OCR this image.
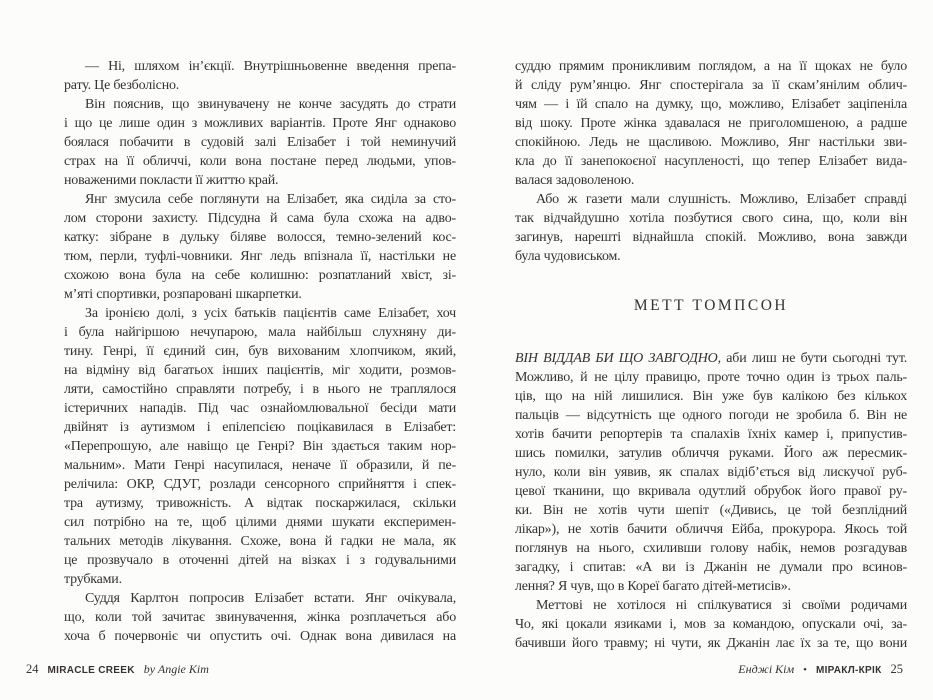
— Ні, шляхом ін’єкції. Внутрішньовенне введення препа-
рату. Це безболісно.
Він пояснив, що звинувачену не конче засудять до страти
і що це лише один з можливих варіантів. Проте Янг однаково
боялася побачити в судовій залі Елізабет і той неминучий
страх на її обличчі, коли вона постане перед людьми, упов-
новаженими покласти її життю край.
Янг змусила себе поглянути на Елізабет, яка сиділа за сто-
лом сторони захисту. Підсудна й сама була схожа на адво-
катку: зібране в дульку біляве волосся, темно-зелений кос-
тюм, перли, туфлі-човники. Янг ледь впізнала її, настільки не
схожою вона була на себе колишню: розпатланий хвіст, зі-
м’яті спортивки, розпаровані шкарпетки.
За іронією долі, з усіх батьків пацієнтів саме Елізабет, хоч
і була найгіршою нечупарою, мала найбільш слухняну ди-
тину. Генрі, її єдиний син, був вихованим хлопчиком, який,
на відміну від багатьох інших пацієнтів, міг ходити, розмов-
ляти, самостійно справляти потребу, і в нього не траплялося
істеричних нападів. Під час ознайомлювальної бесіди мати
двійнят із аутизмом і епілепсією поцікавилася в Елізабет:
«Перепрошую, але навіщо це Генрі? Він здається таким нор-
мальним». Мати Генрі насупилася, неначе її образили, й пе-
релічила: ОКР, СДУГ, розлади сенсорного сприйняття і спек-
тра аутизму, тривожність. А відтак поскаржилася, скільки
сил потрібно на те, щоб цілими днями шукати експеримен-
тальних методів лікування. Схоже, вона й гадки не мала, як
це прозвучало в оточенні дітей на візках і з годувальними
трубками.
Суддя Карлтон попросив Елізабет встати. Янг очікувала,
що, коли той зачитає звинувачення, жінка розплачеться або
хоча б почервоніє чи опустить очі. Однак вона дивилася на
суддю прямим проникливим поглядом, а на її щоках не було
й сліду рум’янцю. Янг спостерігала за її скам’янілим облич-
чям — і їй спало на думку, що, можливо, Елізабет заціпеніла
від шоку. Проте жінка здавалася не приголомшеною, а радше
спокійною. Ледь не щасливою. Можливо, Янг настільки зви-
кла до її занепокоєної насупленості, що тепер Елізабет вида-
валася задоволеною.
Або ж газети мали слушність. Можливо, Елізабет справді
так відчайдушно хотіла позбутися свого сина, що, коли він
загинув, нарешті віднайшла спокій. Можливо, вона завжди
була чудовиськом.
МЕТТ ТОМПСОН
ВІН ВІДДАВ БИ ЩО ЗАВГОДНО, аби лиш не бути сьогодні тут.
Можливо, й не цілу правицю, проте точно один із трьох паль-
ців, що на ній лишилися. Він уже був калікою без кількох
пальців — відсутність ще одного погоди не зробила б. Він не
хотів бачити репортерів та спалахів їхніх камер і, припустив-
шись помилки, затулив обличчя руками. Його аж пересмик-
нуло, коли він уявив, як спалах відіб’ється від лискучої руб-
цевої тканини, що вкривала одутлий обрубок його правої ру-
ки. Він не хотів чути шепіт («Дивись, це той безплідний
лікар»), не хотів бачити обличчя Ейба, прокурора. Якось той
поглянув на нього, схиливши голову набік, немов розгадував
загадку, і спитав: «А ви із Джанін не думали про всинов-
лення? Я чув, що в Кореї багато дітей-метисів».
Меттові не хотілося ні спілкуватися зі своїми родичами
Чо, які цокали язиками і, мов за командою, опускали очі, за-
бачивши його травму; ні чути, як Джанін лає їх за те, що вони
24 MIRACLE CREEK by Angie Kim	Енджі Кім • МІРАКЛ-КРІК 25
